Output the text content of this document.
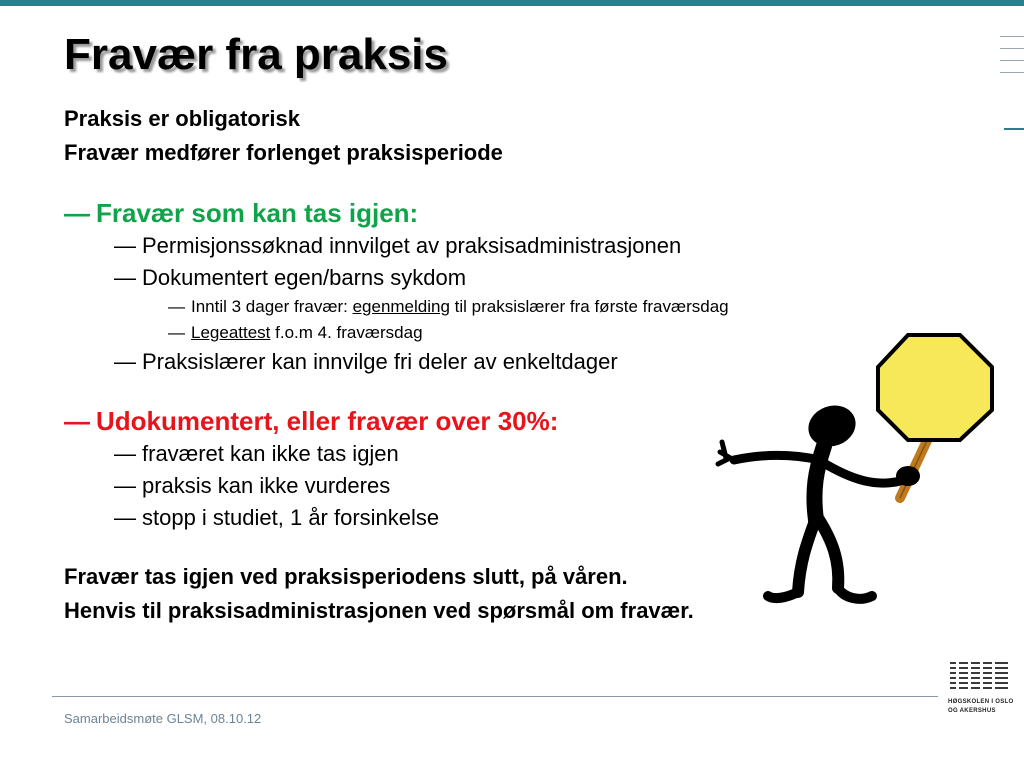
Fravær fra praksis
Praksis er obligatorisk
Fravær medfører forlenget praksisperiode
— Fravær som kan tas igjen:
— Permisjonssøknad innvilget av praksisadministrasjonen
— Dokumentert egen/barns sykdom
— Inntil 3 dager fravær: egenmelding til praksislærer fra første fraværsdag
— Legeattest f.o.m 4. fraværsdag
— Praksislærer kan innvilge fri deler av enkeltdager
— Udokumentert, eller fravær over 30%:
— fraværet kan ikke tas igjen
— praksis kan ikke vurderes
— stopp i studiet, 1 år forsinkelse
Fravær tas igjen ved praksisperiodens slutt, på våren.
Henvis til praksisadministrasjonen ved spørsmål om fravær.
Samarbeidsmøte GLSM, 08.10.12
HØGSKOLEN I OSLO
OG AKERSHUS
